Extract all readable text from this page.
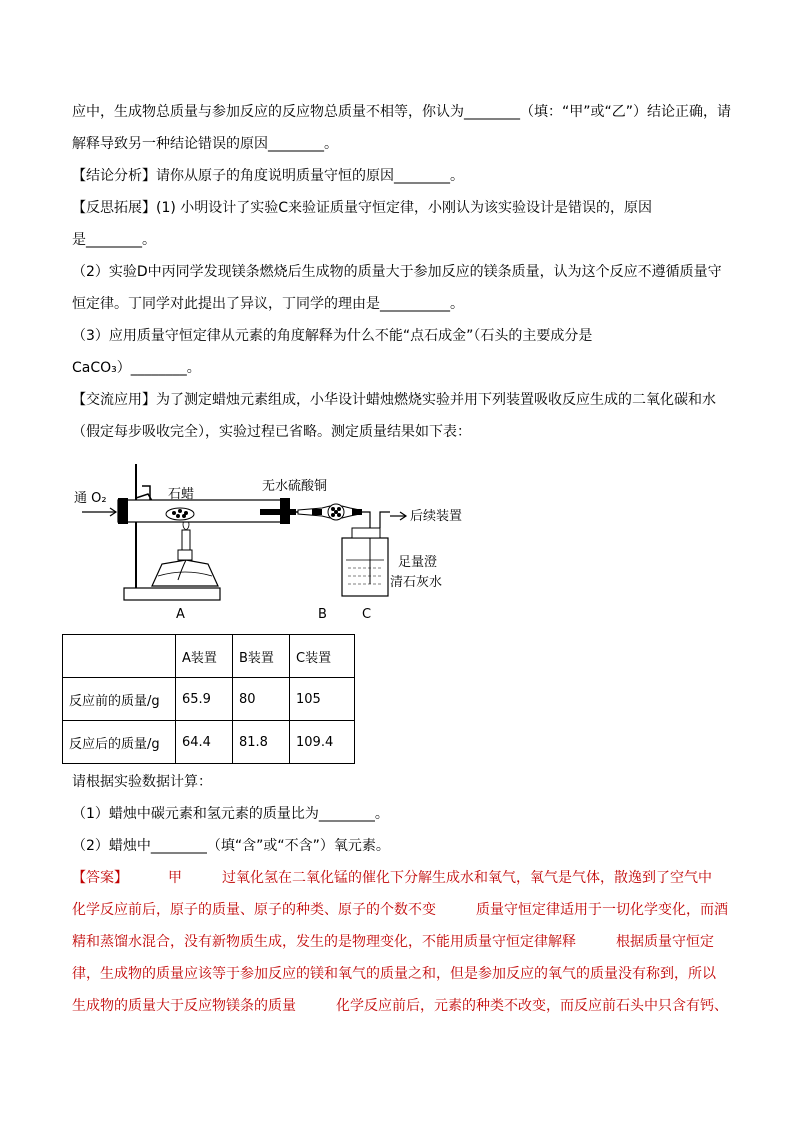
应中，生成物总质量与参加反应的反应物总质量不相等，你认为________（填：“甲”或“乙”）结论正确，请
解释导致另一种结论错误的原因________。
【结论分析】请你从原子的角度说明质量守恒的原因________。
【反思拓展】(1) 小明设计了实验C来验证质量守恒定律，小刚认为该实验设计是错误的，原因
是________。
（2）实验D中丙同学发现镁条燃烧后生成物的质量大于参加反应的镁条质量，认为这个反应不遵循质量守
恒定律。丁同学对此提出了异议，丁同学的理由是__________。
（3）应用质量守恒定律从元素的角度解释为什么不能“点石成金”（石头的主要成分是
CaCO₃）________。
【交流应用】为了测定蜡烛元素组成，小华设计蜡烛燃烧实验并用下列装置吸收反应生成的二氧化碳和水
（假定每步吸收完全），实验过程已省略。测定质量结果如下表：
通 O₂	石蜡
无水硫酸铜
后续装置
足量澄
清石灰水
A	B	C
	A装置	B装置	C装置
反应前的质量/g	65.9	80	105
反应后的质量/g	64.4	81.8	109.4
请根据实验数据计算：
（1）蜡烛中碳元素和氢元素的质量比为________。
（2）蜡烛中________（填“含”或“不含”）氧元素。
【答案】	甲	过氧化氢在二氧化锰的催化下分解生成水和氧气，氧气是气体，散逸到了空气中
化学反应前后，原子的质量、原子的种类、原子的个数不变	质量守恒定律适用于一切化学变化，而酒
精和蒸馏水混合，没有新物质生成，发生的是物理变化，不能用质量守恒定律解释	根据质量守恒定
律，生成物的质量应该等于参加反应的镁和氧气的质量之和，但是参加反应的氧气的质量没有称到，所以
生成物的质量大于反应物镁条的质量	化学反应前后，元素的种类不改变，而反应前石头中只含有钙、
